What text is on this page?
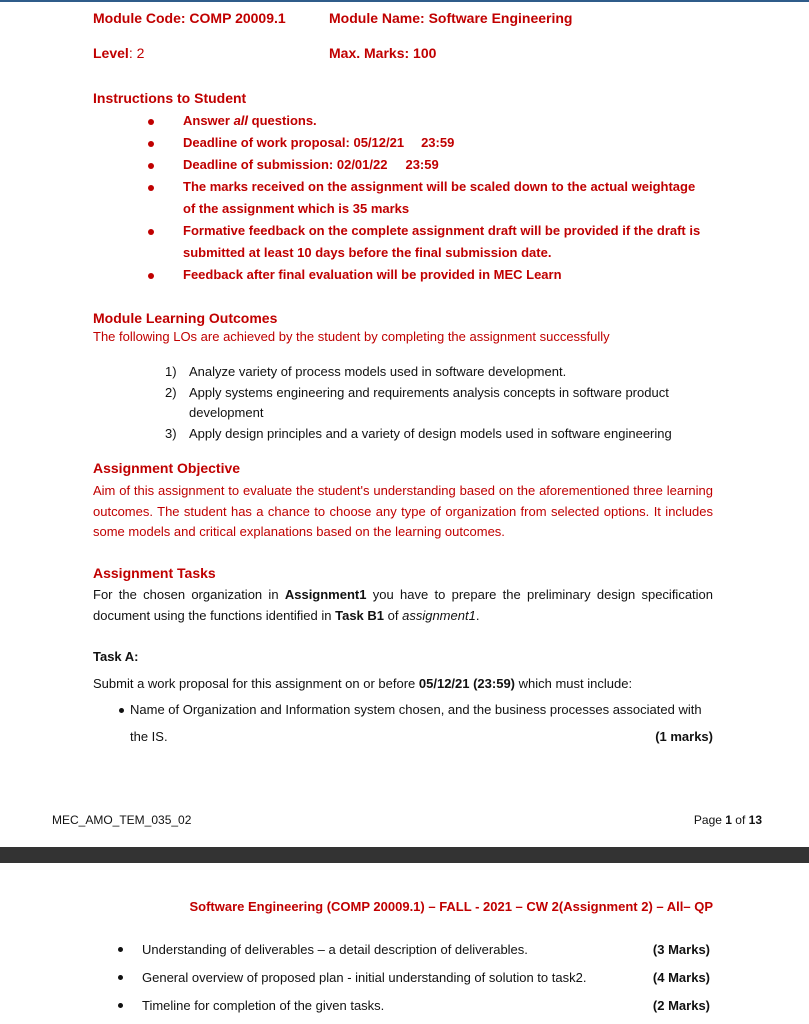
Module Code: COMP 20009.1	Module Name: Software Engineering
Level: 2	Max. Marks: 100
Instructions to Student
Answer all questions.
Deadline of work proposal: 05/12/21 23:59
Deadline of submission: 02/01/22 23:59
The marks received on the assignment will be scaled down to the actual weightage
of the assignment which is 35 marks
Formative feedback on the complete assignment draft will be provided if the draft is
submitted at least 10 days before the final submission date.
Feedback after final evaluation will be provided in MEC Learn
Module Learning Outcomes
The following LOs are achieved by the student by completing the assignment successfully
1) Analyze variety of process models used in software development.
2) Apply systems engineering and requirements analysis concepts in software product
development
3) Apply design principles and a variety of design models used in software engineering
Assignment Objective
Aim of this assignment to evaluate the student's understanding based on the aforementioned three learning outcomes. The student has a chance to choose any type of organization from selected options. It includes some models and critical explanations based on the learning outcomes.
Assignment Tasks
For the chosen organization in Assignment1 you have to prepare the preliminary design specification document using the functions identified in Task B1 of assignment1.
Task A:
Submit a work proposal for this assignment on or before 05/12/21 (23:59) which must include:
Name of Organization and Information system chosen, and the business processes associated with
the IS.	(1 marks)
MEC_AMO_TEM_035_02	Page 1 of 13
Software Engineering (COMP 20009.1) – FALL - 2021 – CW 2(Assignment 2) – All– QP
Understanding of deliverables – a detail description of deliverables.	(3 Marks)
General overview of proposed plan - initial understanding of solution to task2.	(4 Marks)
Timeline for completion of the given tasks.	(2 Marks)
